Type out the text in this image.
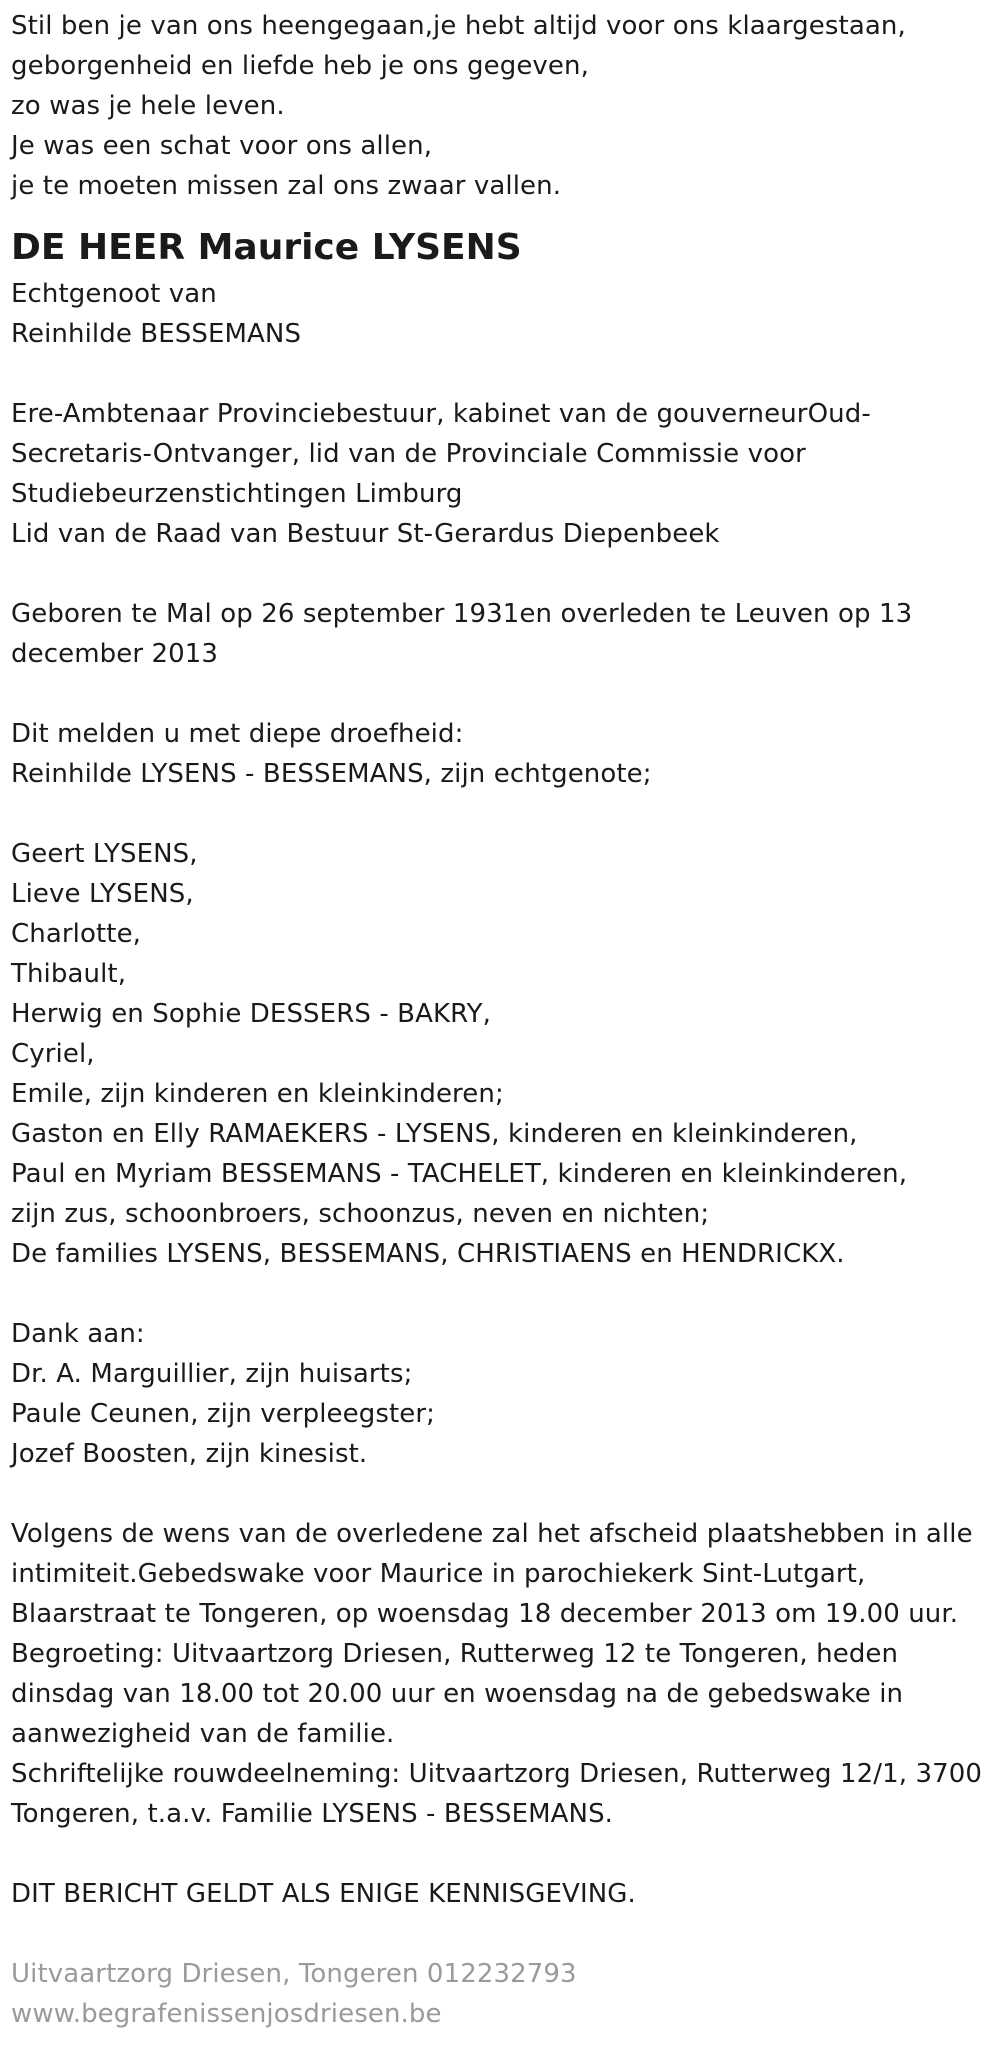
Stil ben je van ons heengegaan,je hebt altijd voor ons klaargestaan,
geborgenheid en liefde heb je ons gegeven,
zo was je hele leven.
Je was een schat voor ons allen,
je te moeten missen zal ons zwaar vallen.
DE HEER Maurice LYSENS
Echtgenoot van
Reinhilde BESSEMANS
Ere-Ambtenaar Provinciebestuur, kabinet van de gouverneurOud-
Secretaris-Ontvanger, lid van de Provinciale Commissie voor
Studiebeurzenstichtingen Limburg
Lid van de Raad van Bestuur St-Gerardus Diepenbeek
Geboren te Mal op 26 september 1931en overleden te Leuven op 13
december 2013
Dit melden u met diepe droefheid:
Reinhilde LYSENS - BESSEMANS, zijn echtgenote;
Geert LYSENS,
Lieve LYSENS,
Charlotte,
Thibault,
Herwig en Sophie DESSERS - BAKRY,
Cyriel,
Emile, zijn kinderen en kleinkinderen;
Gaston en Elly RAMAEKERS - LYSENS, kinderen en kleinkinderen,
Paul en Myriam BESSEMANS - TACHELET, kinderen en kleinkinderen,
zijn zus, schoonbroers, schoonzus, neven en nichten;
De families LYSENS, BESSEMANS, CHRISTIAENS en HENDRICKX.
Dank aan:
Dr. A. Marguillier, zijn huisarts;
Paule Ceunen, zijn verpleegster;
Jozef Boosten, zijn kinesist.
Volgens de wens van de overledene zal het afscheid plaatshebben in alle
intimiteit.Gebedswake voor Maurice in parochiekerk Sint-Lutgart,
Blaarstraat te Tongeren, op woensdag 18 december 2013 om 19.00 uur.
Begroeting: Uitvaartzorg Driesen, Rutterweg 12 te Tongeren, heden
dinsdag van 18.00 tot 20.00 uur en woensdag na de gebedswake in
aanwezigheid van de familie.
Schriftelijke rouwdeelneming: Uitvaartzorg Driesen, Rutterweg 12/1, 3700
Tongeren, t.a.v. Familie LYSENS - BESSEMANS.
DIT BERICHT GELDT ALS ENIGE KENNISGEVING.
Uitvaartzorg Driesen, Tongeren 012232793
www.begrafenissenjosdriesen.be
